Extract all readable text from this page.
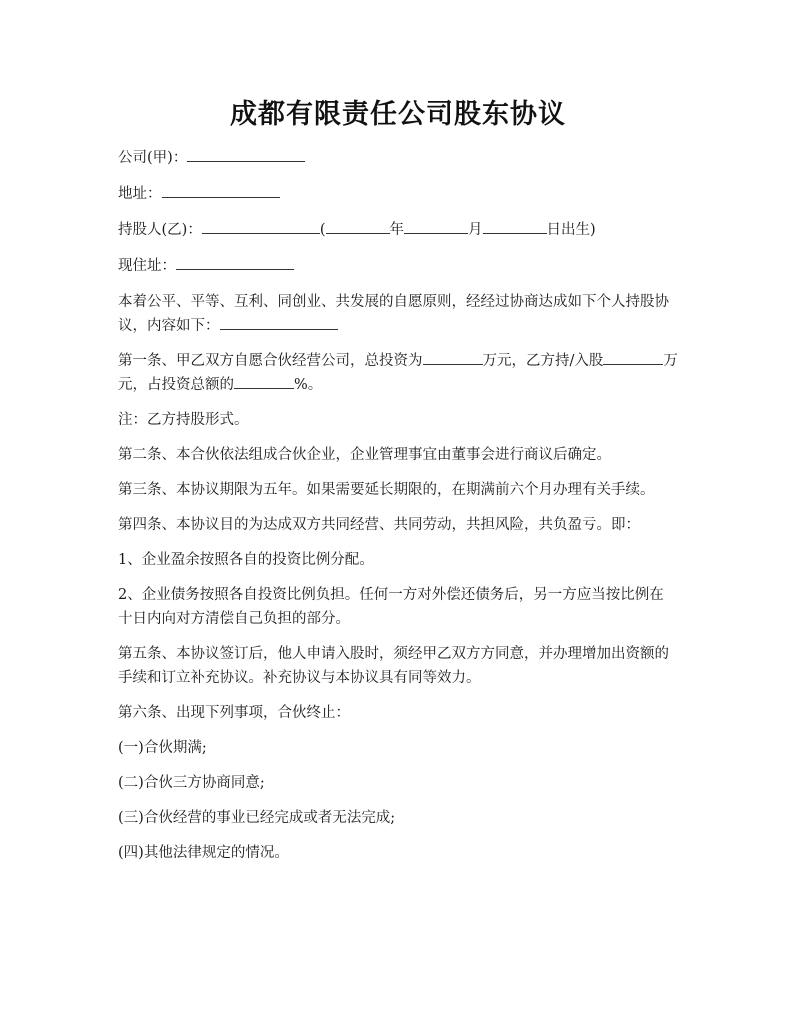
成都有限责任公司股东协议

公司(甲)：

地址：

持股人(乙)：	(	年	月	日出生)

现住址：

本着公平、平等、互利、同创业、共发展的自愿原则，经经过协商达成如下个人持股协议，内容如下：

第一条、甲乙双方自愿合伙经营公司，总投资为	万元，乙方持/入股	万元，占投资总额的	%。

注：乙方持股形式。

第二条、本合伙依法组成合伙企业，企业管理事宜由董事会进行商议后确定。

第三条、本协议期限为五年。如果需要延长期限的，在期满前六个月办理有关手续。

第四条、本协议目的为达成双方共同经营、共同劳动，共担风险，共负盈亏。即：

1、企业盈余按照各自的投资比例分配。

2、企业债务按照各自投资比例负担。任何一方对外偿还债务后，另一方应当按比例在十日内向对方清偿自己负担的部分。

第五条、本协议签订后，他人申请入股时，须经甲乙双方方同意，并办理增加出资额的手续和订立补充协议。补充协议与本协议具有同等效力。

第六条、出现下列事项，合伙终止：

(一)合伙期满;

(二)合伙三方协商同意;

(三)合伙经营的事业已经完成或者无法完成;

(四)其他法律规定的情况。
